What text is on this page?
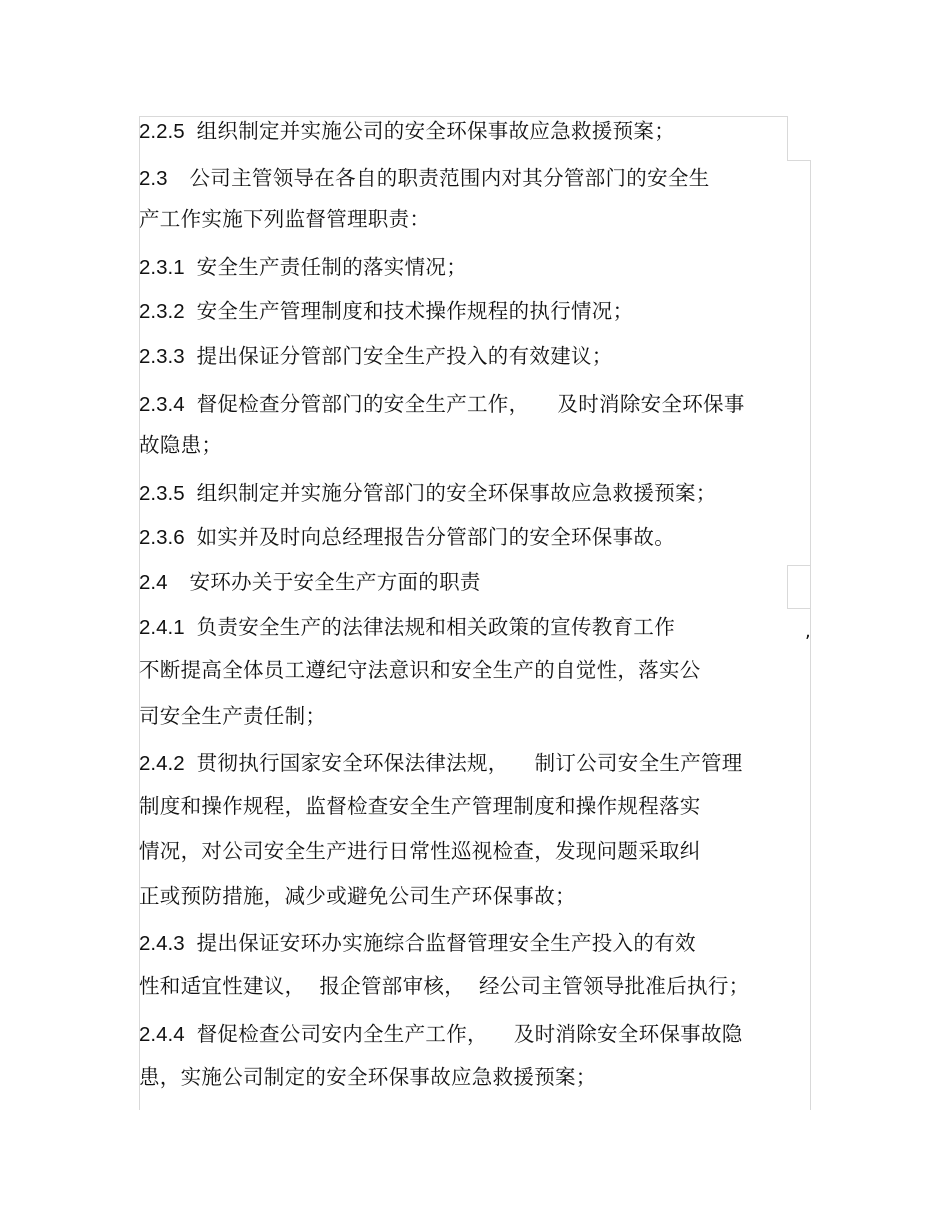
2.2.5 组织制定并实施公司的安全环保事故应急救援预案；
2.3 公司主管领导在各自的职责范围内对其分管部门的安全生
产工作实施下列监督管理职责：
2.3.1 安全生产责任制的落实情况；
2.3.2 安全生产管理制度和技术操作规程的执行情况；
2.3.3 提出保证分管部门安全生产投入的有效建议；
2.3.4 督促检查分管部门的安全生产工作， 及时消除安全环保事
故隐患；
2.3.5 组织制定并实施分管部门的安全环保事故应急救援预案；
2.3.6 如实并及时向总经理报告分管部门的安全环保事故。
2.4 安环办关于安全生产方面的职责
2.4.1 负责安全生产的法律法规和相关政策的宣传教育工作	,
不断提高全体员工遵纪守法意识和安全生产的自觉性，落实公
司安全生产责任制；
2.4.2 贯彻执行国家安全环保法律法规， 制订公司安全生产管理
制度和操作规程，监督检查安全生产管理制度和操作规程落实
情况，对公司安全生产进行日常性巡视检查，发现问题采取纠
正或预防措施，减少或避免公司生产环保事故；
2.4.3 提出保证安环办实施综合监督管理安全生产投入的有效
性和适宜性建议， 报企管部审核， 经公司主管领导批准后执行；
2.4.4 督促检查公司安内全生产工作， 及时消除安全环保事故隐
患，实施公司制定的安全环保事故应急救援预案；
